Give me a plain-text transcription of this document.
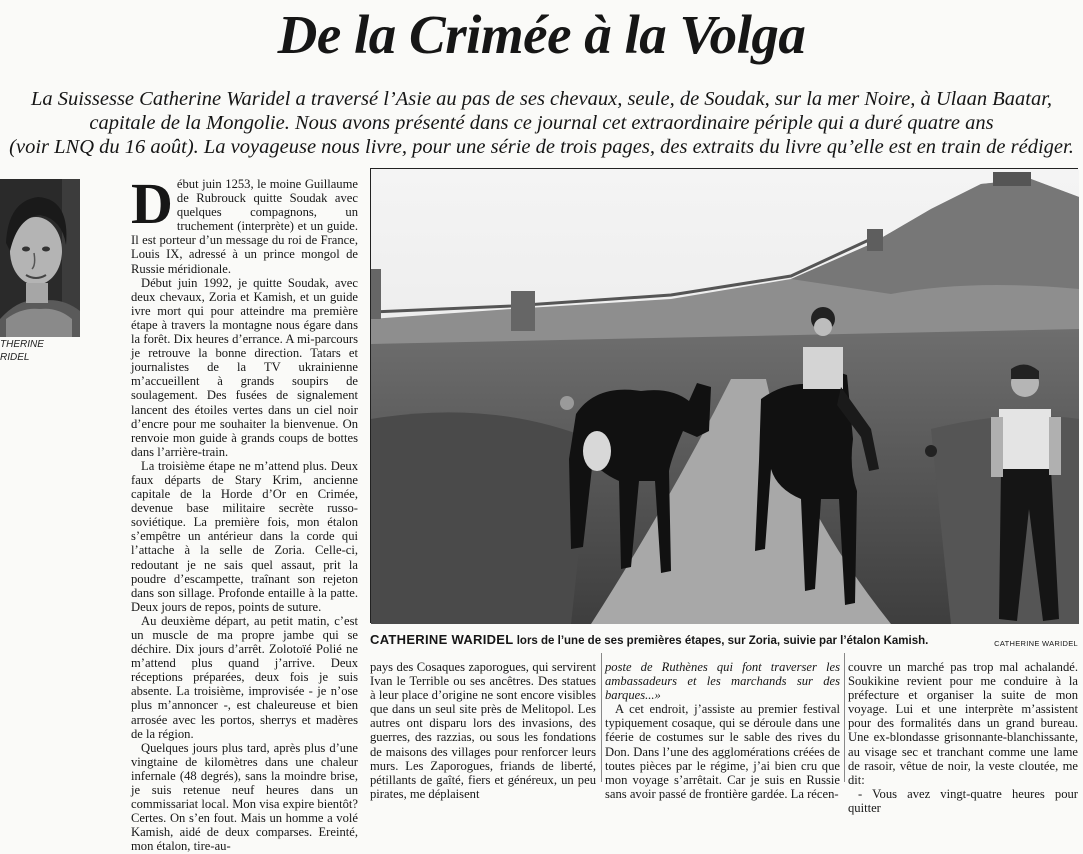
De la Crimée à la Volga
La Suissesse Catherine Waridel a traversé l’Asie au pas de ses chevaux, seule, de Soudak, sur la mer Noire, à Ulaan Baatar,
capitale de la Mongolie. Nous avons présenté dans ce journal cet extraordinaire périple qui a duré quatre ans
(voir LNQ du 16 août). La voyageuse nous livre, pour une série de trois pages, des extraits du livre qu’elle est en train de rédiger.
THERINE
RIDEL

Début juin 1253, le moine Guillaume de Rubrouck quitte Soudak avec quelques compagnons, un truchement (interprète) et un guide. Il est porteur d’un message du roi de France, Louis IX, adressé à un prince mongol de Russie méridionale.

Début juin 1992, je quitte Soudak, avec deux chevaux, Zoria et Kamish, et un guide ivre mort qui pour atteindre ma première étape à travers la montagne nous égare dans la forêt. Dix heures d’errance. A mi-parcours je retrouve la bonne direction. Tatars et journalistes de la TV ukrainienne m’accueillent à grands soupirs de soulagement. Des fusées de signalement lancent des étoiles vertes dans un ciel noir d’encre pour me souhaiter la bienvenue. On renvoie mon guide à grands coups de bottes dans l’arrière-train.

La troisième étape ne m’attend plus. Deux faux départs de Stary Krim, ancienne capitale de la Horde d’Or en Crimée, devenue base militaire secrète russo-soviétique. La première fois, mon étalon s’empêtre un antérieur dans la corde qui l’attache à la selle de Zoria. Celle-ci, redoutant je ne sais quel assaut, prit la poudre d’escampette, traînant son rejeton dans son sillage. Profonde entaille à la patte. Deux jours de repos, points de suture.

Au deuxième départ, au petit matin, c’est un muscle de ma propre jambe qui se déchire. Dix jours d’arrêt. Zolotoïé Polié ne m’attend plus quand j’arrive. Deux réceptions préparées, deux fois je suis absente. La troisième, improvisée - je n’ose plus m’annoncer -, est chaleureuse et bien arrosée avec les portos, sherrys et madères de la région.

Quelques jours plus tard, après plus d’une vingtaine de kilomètres dans une chaleur infernale (48 degrés), sans la moindre brise, je suis retenue neuf heures dans un commissariat local. Mon visa expire bientôt? Certes. On s’en fout. Mais un homme a volé Kamish, aidé de deux comparses. Ereinté, mon étalon, tire-au-

CATHERINE WARIDEL lors de l’une de ses premières étapes, sur Zoria, suivie par l’étalon Kamish.	CATHERINE WARIDEL

pays des Cosaques zaporogues, qui servirent Ivan le Terrible ou ses ancêtres. Des statues à leur place d’origine ne sont encore visibles que dans un seul site près de Melitopol. Les autres ont disparu lors des invasions, des guerres, des razzias, ou sous les fondations de maisons des villages pour renforcer leurs murs. Les Zaporogues, friands de liberté, pétillants de gaîté, fiers et généreux, un peu pirates, me déplaisent

poste de Ruthènes qui font traverser les ambassadeurs et les marchands sur des barques...»

A cet endroit, j’assiste au premier festival typiquement cosaque, qui se déroule dans une féerie de costumes sur le sable des rives du Don. Dans l’une des agglomérations créées de toutes pièces par le régime, j’ai bien cru que mon voyage s’arrêtait. Car je suis en Russie sans avoir passé de frontière gardée. La récen-

couvre un marché pas trop mal achalandé. Soukikine revient pour me conduire à la préfecture et organiser la suite de mon voyage. Lui et une interprète m’assistent pour des formalités dans un grand bureau. Une ex-blondasse grisonnante-blanchissante, au visage sec et tranchant comme une lame de rasoir, vêtue de noir, la veste cloutée, me dit:

- Vous avez vingt-quatre heures pour quitter
